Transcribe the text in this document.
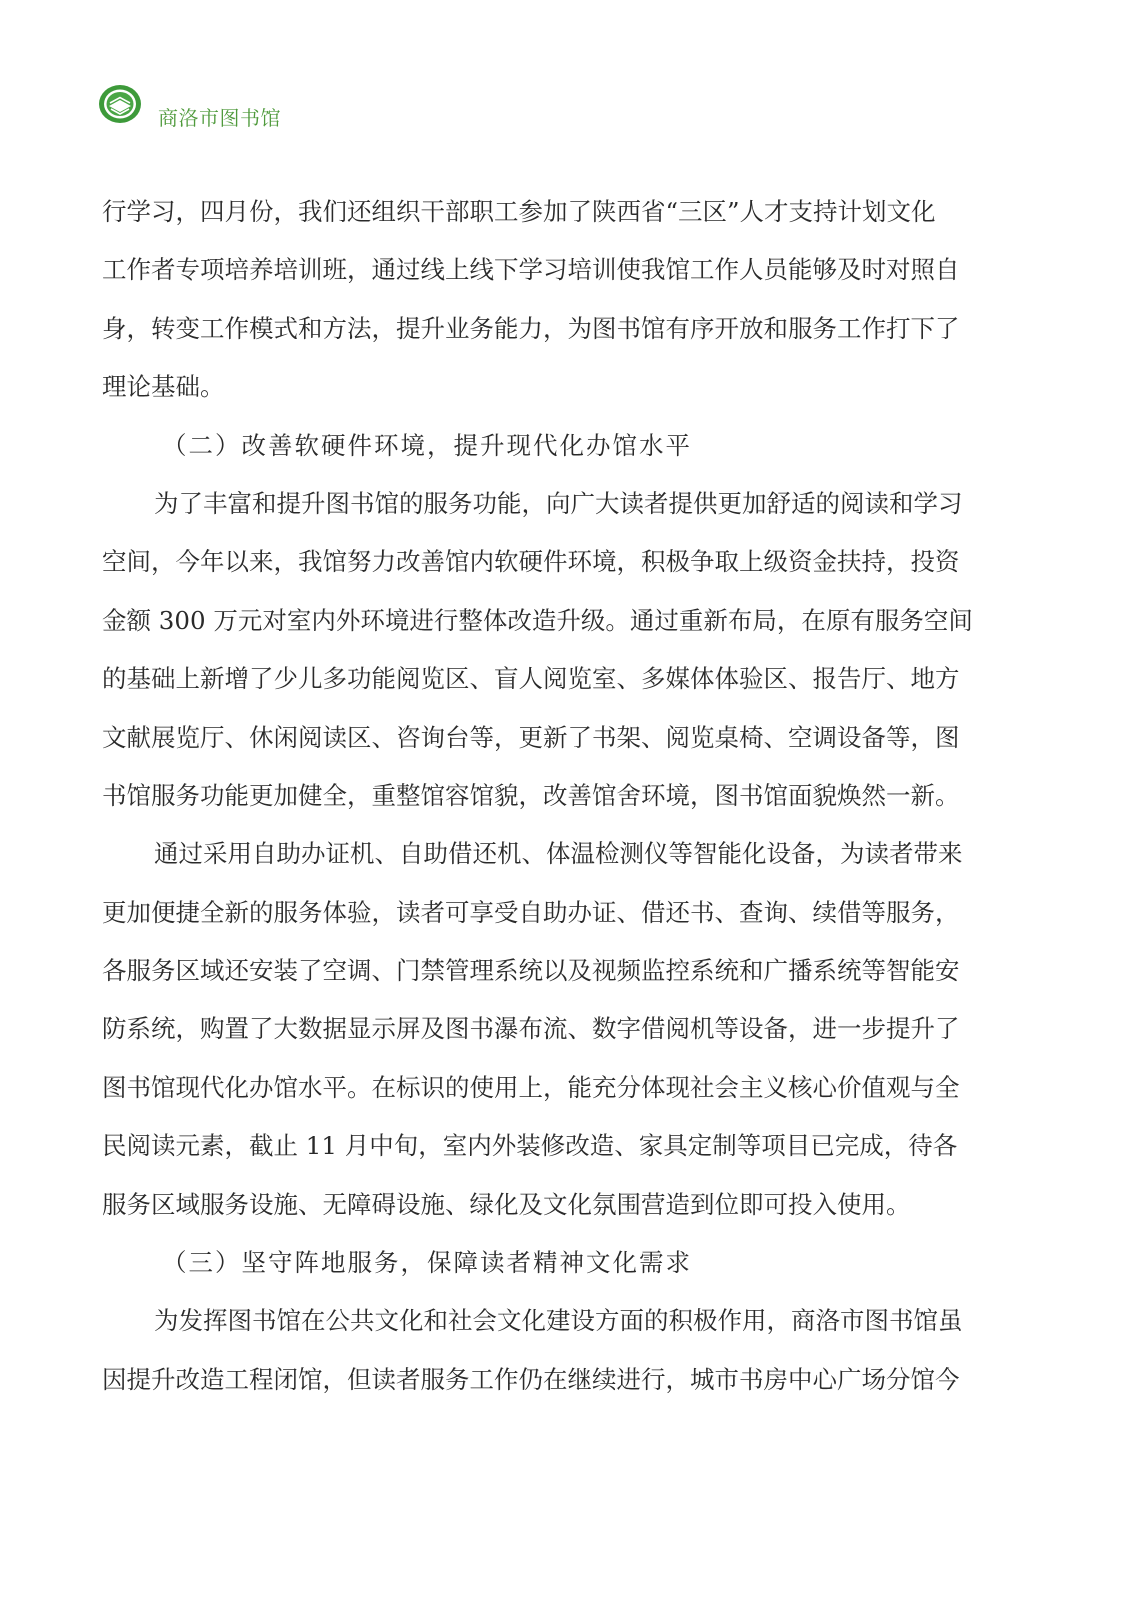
商洛市图书馆
行学习，四月份，我们还组织干部职工参加了陕西省“三区”人才支持计划文化
工作者专项培养培训班，通过线上线下学习培训使我馆工作人员能够及时对照自
身，转变工作模式和方法，提升业务能力，为图书馆有序开放和服务工作打下了
理论基础。
（二）改善软硬件环境，提升现代化办馆水平
为了丰富和提升图书馆的服务功能，向广大读者提供更加舒适的阅读和学习
空间，今年以来，我馆努力改善馆内软硬件环境，积极争取上级资金扶持，投资
金额 300 万元对室内外环境进行整体改造升级。通过重新布局，在原有服务空间
的基础上新增了少儿多功能阅览区、盲人阅览室、多媒体体验区、报告厅、地方
文献展览厅、休闲阅读区、咨询台等，更新了书架、阅览桌椅、空调设备等，图
书馆服务功能更加健全，重整馆容馆貌，改善馆舍环境，图书馆面貌焕然一新。
通过采用自助办证机、自助借还机、体温检测仪等智能化设备，为读者带来
更加便捷全新的服务体验，读者可享受自助办证、借还书、查询、续借等服务，
各服务区域还安装了空调、门禁管理系统以及视频监控系统和广播系统等智能安
防系统，购置了大数据显示屏及图书瀑布流、数字借阅机等设备，进一步提升了
图书馆现代化办馆水平。在标识的使用上，能充分体现社会主义核心价值观与全
民阅读元素，截止 11 月中旬，室内外装修改造、家具定制等项目已完成，待各
服务区域服务设施、无障碍设施、绿化及文化氛围营造到位即可投入使用。
（三）坚守阵地服务，保障读者精神文化需求
为发挥图书馆在公共文化和社会文化建设方面的积极作用，商洛市图书馆虽
因提升改造工程闭馆，但读者服务工作仍在继续进行，城市书房中心广场分馆今
